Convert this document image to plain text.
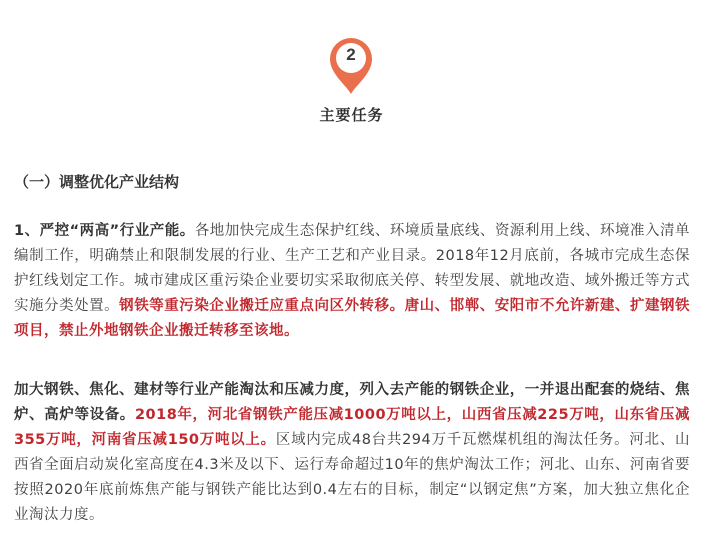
2
主要任务
（一）调整优化产业结构
1、严控“两高”行业产能。各地加快完成生态保护红线、环境质量底线、资源利用上线、环境准入清单编制工作，明确禁止和限制发展的行业、生产工艺和产业目录。2018年12月底前，各城市完成生态保护红线划定工作。城市建成区重污染企业要切实采取彻底关停、转型发展、就地改造、域外搬迁等方式实施分类处置。钢铁等重污染企业搬迁应重点向区外转移。唐山、邯郸、安阳市不允许新建、扩建钢铁项目，禁止外地钢铁企业搬迁转移至该地。
加大钢铁、焦化、建材等行业产能淘汰和压减力度，列入去产能的钢铁企业，一并退出配套的烧结、焦炉、高炉等设备。2018年，河北省钢铁产能压减1000万吨以上，山西省压减225万吨，山东省压减355万吨，河南省压减150万吨以上。区域内完成48台共294万千瓦燃煤机组的淘汰任务。河北、山西省全面启动炭化室高度在4.3米及以下、运行寿命超过10年的焦炉淘汰工作；河北、山东、河南省要按照2020年底前炼焦产能与钢铁产能比达到0.4左右的目标，制定“以钢定焦”方案，加大独立焦化企业淘汰力度。
